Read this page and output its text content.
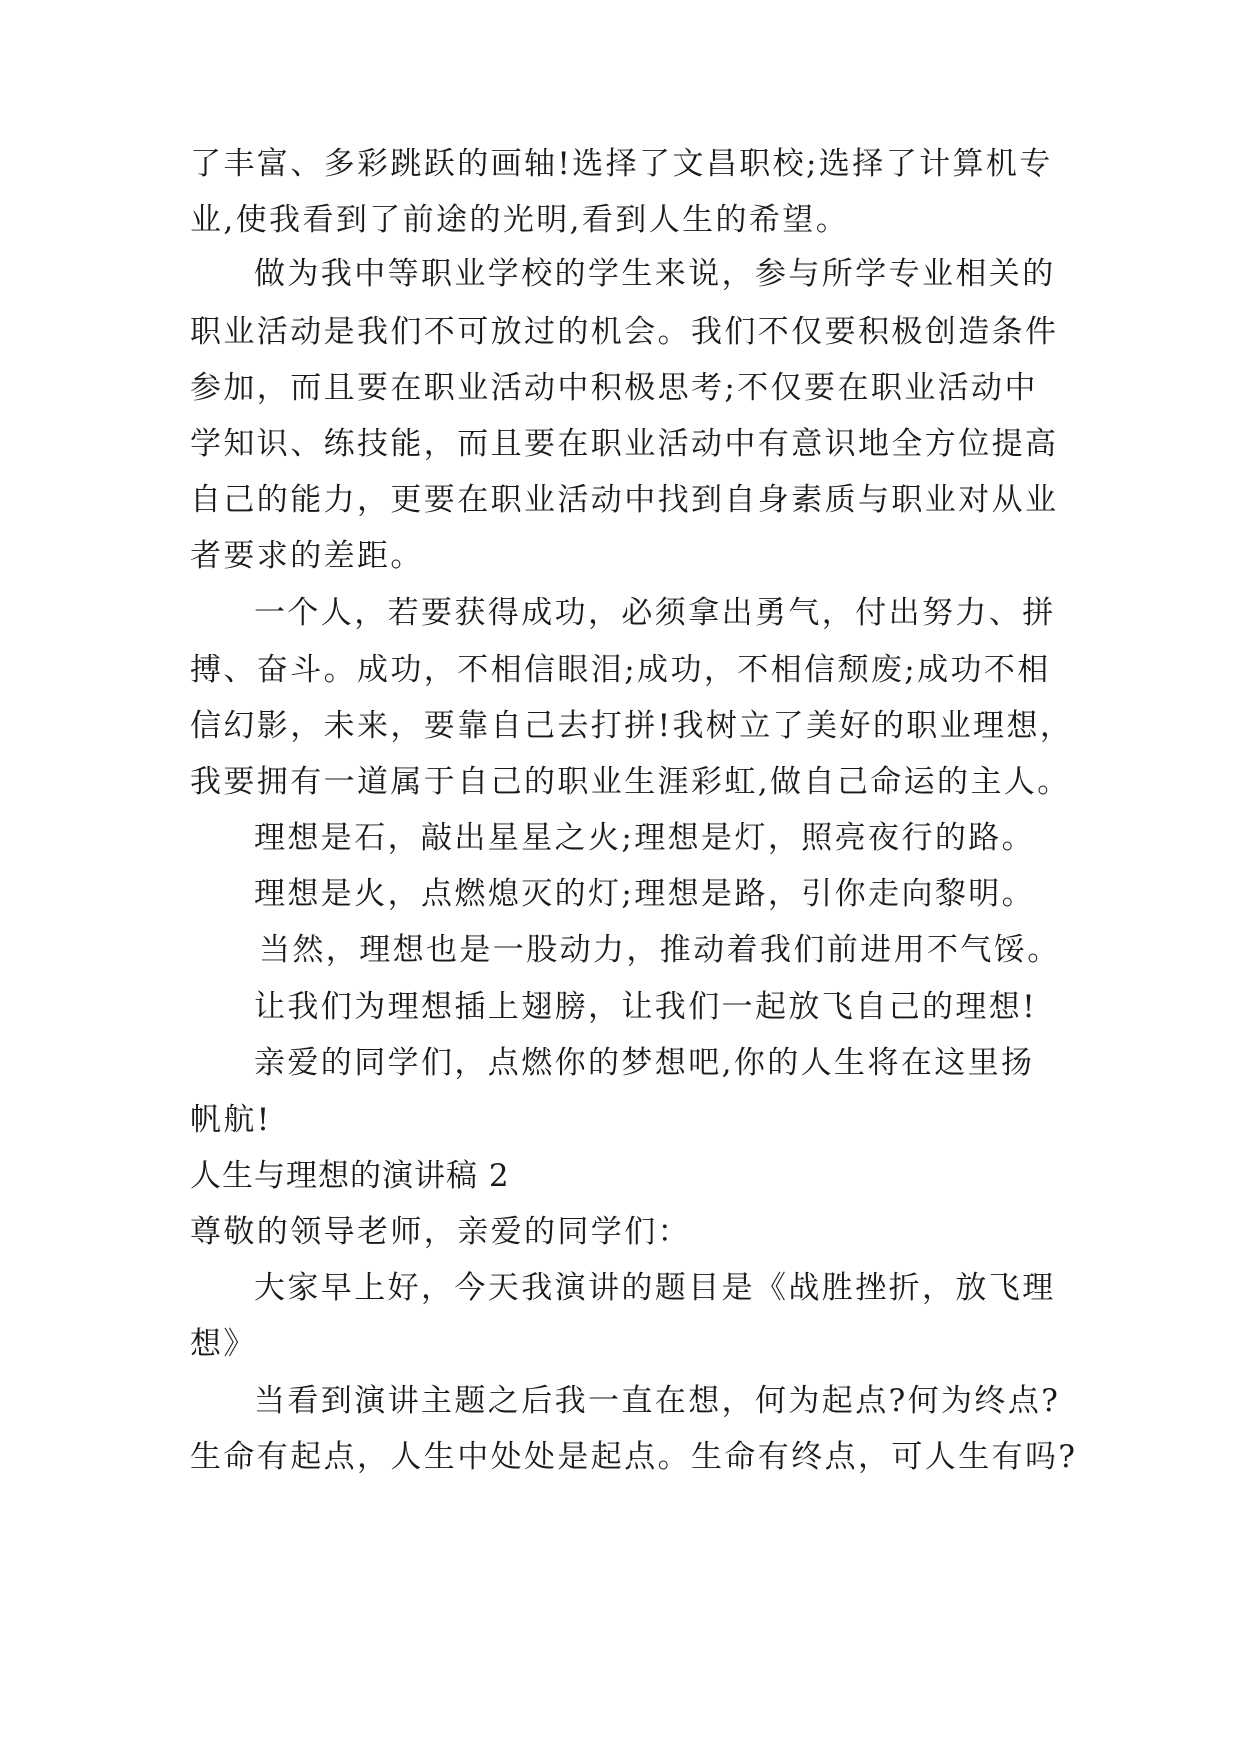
了丰富、多彩跳跃的画轴!选择了文昌职校;选择了计算机专
业,使我看到了前途的光明,看到人生的希望。
做为我中等职业学校的学生来说，参与所学专业相关的
职业活动是我们不可放过的机会。我们不仅要积极创造条件
参加，而且要在职业活动中积极思考;不仅要在职业活动中
学知识、练技能，而且要在职业活动中有意识地全方位提高
自己的能力，更要在职业活动中找到自身素质与职业对从业
者要求的差距。
一个人，若要获得成功，必须拿出勇气，付出努力、拼
搏、奋斗。成功，不相信眼泪;成功，不相信颓废;成功不相
信幻影，未来，要靠自己去打拼!我树立了美好的职业理想，
我要拥有一道属于自己的职业生涯彩虹,做自己命运的主人。
理想是石，敲出星星之火;理想是灯，照亮夜行的路。
理想是火，点燃熄灭的灯;理想是路，引你走向黎明。
当然，理想也是一股动力，推动着我们前进用不气馁。
让我们为理想插上翅膀，让我们一起放飞自己的理想!
亲爱的同学们，点燃你的梦想吧,你的人生将在这里扬
帆航!
人生与理想的演讲稿 2
尊敬的领导老师，亲爱的同学们：
大家早上好，今天我演讲的题目是《战胜挫折，放飞理
想》
当看到演讲主题之后我一直在想，何为起点?何为终点?
生命有起点，人生中处处是起点。生命有终点，可人生有吗?
